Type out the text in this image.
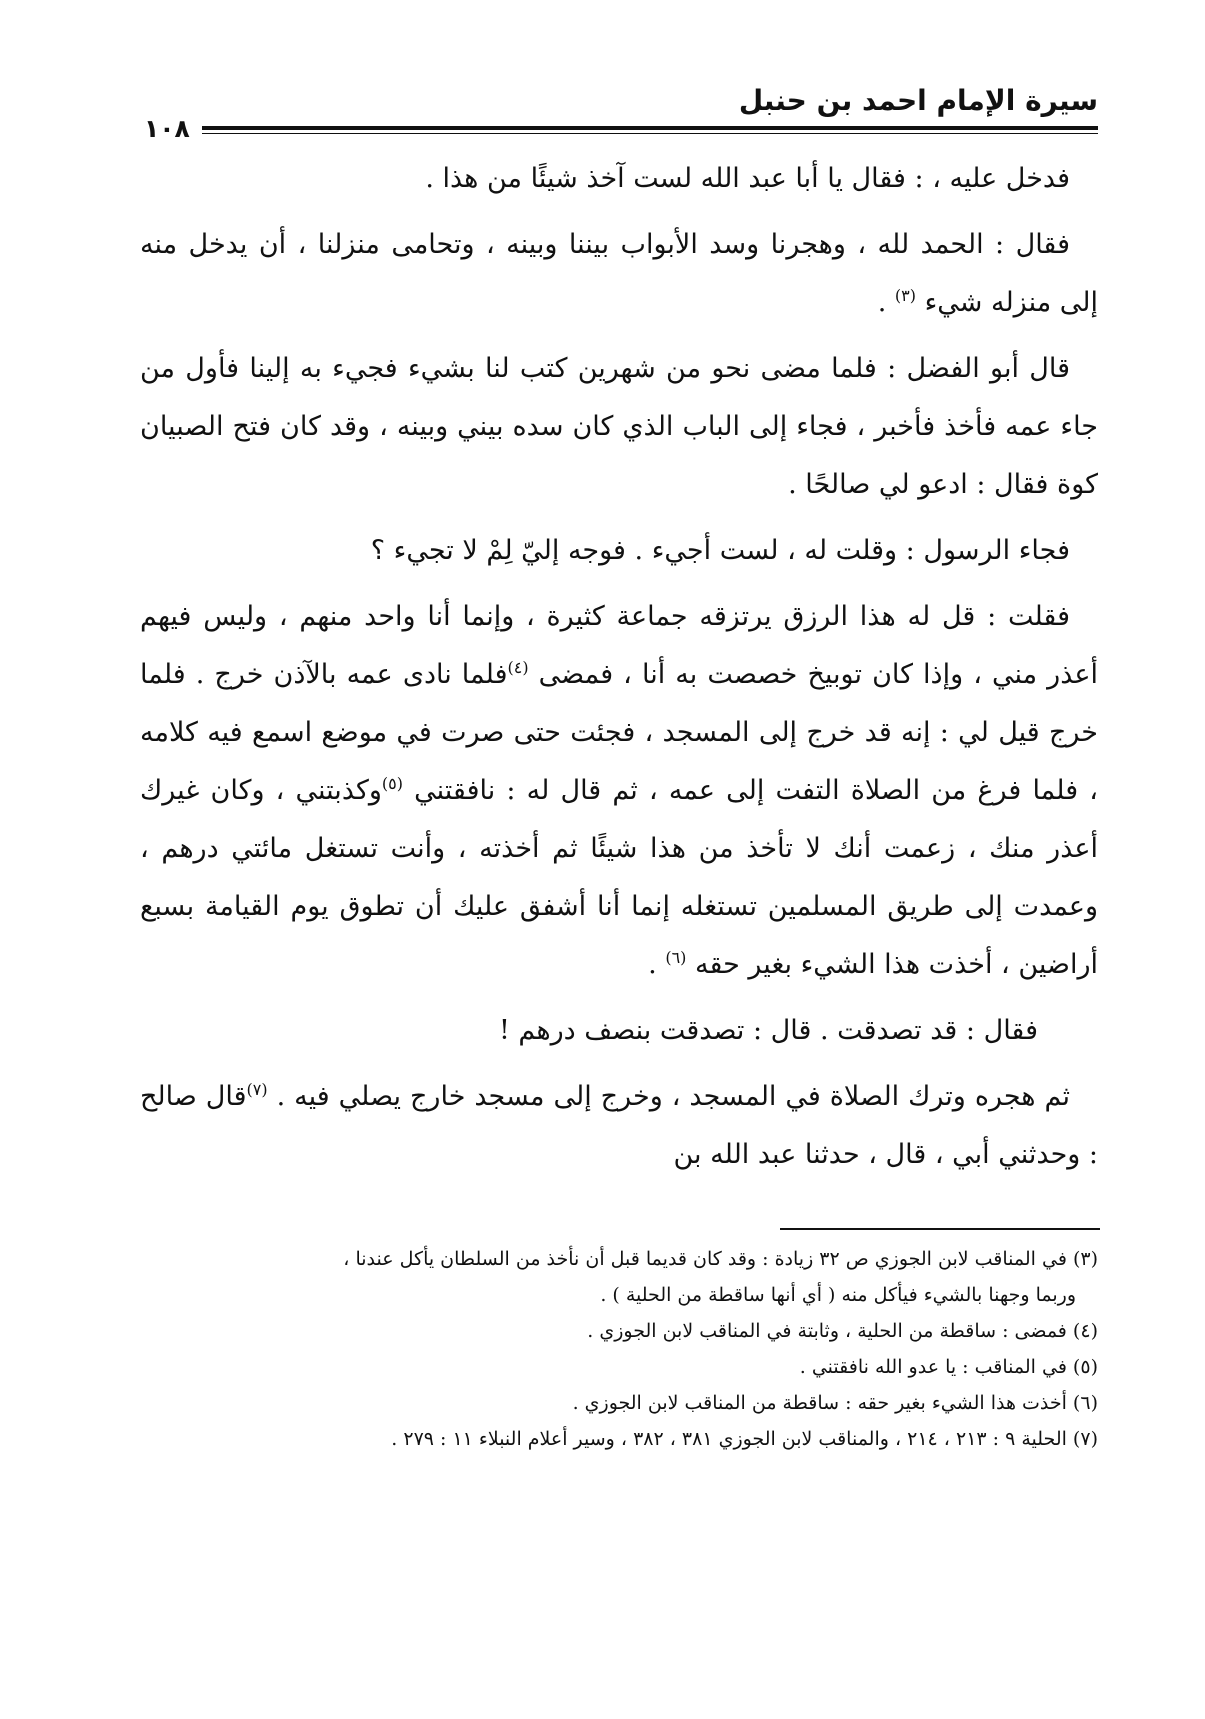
سيرة الإمام احمد بن حنبل
١٠٨

فدخل عليه ، : فقال يا أبا عبد الله لست آخذ شيئًا من هذا .

فقال : الحمد لله ، وهجرنا وسد الأبواب بيننا وبينه ، وتحامى منزلنا ، أن يدخل منه إلى منزله شيء $^{(٣)}$ .

قال أبو الفضل : فلما مضى نحو من شهرين كتب لنا بشيء فجيء به إلينا فأول من جاء عمه فأخذ فأخبر ، فجاء إلى الباب الذي كان سده بيني وبينه ، وقد كان فتح الصبيان كوة فقال : ادعو لي صالحًا .

فجاء الرسول : وقلت له ، لست أجيء . فوجه إليّ لِمْ لا تجيء ؟

فقلت : قل له هذا الرزق يرتزقه جماعة كثيرة ، وإنما أنا واحد منهم ، وليس فيهم أعذر مني ، وإذا كان توبيخ خصصت به أنا ، فمضى $^{(٤)}$فلما نادى عمه بالآذن خرج . فلما خرج قيل لي : إنه قد خرج إلى المسجد ، فجئت حتى صرت في موضع اسمع فيه كلامه ، فلما فرغ من الصلاة التفت إلى عمه ، ثم قال له : نافقتني $^{(٥)}$وكذبتني ، وكان غيرك أعذر منك ، زعمت أنك لا تأخذ من هذا شيئًا ثم أخذته ، وأنت تستغل مائتي درهم ، وعمدت إلى طريق المسلمين تستغله إنما أنا أشفق عليك أن تطوق يوم القيامة بسبع أراضين ، أخذت هذا الشيء بغير حقه $^{(٦)}$ .

فقال : قد تصدقت . قال : تصدقت بنصف درهم !

ثم هجره وترك الصلاة في المسجد ، وخرج إلى مسجد خارج يصلي فيه . $^{(٧)}$قال صالح : وحدثني أبي ، قال ، حدثنا عبد الله بن

(٣) في المناقب لابن الجوزي ص ٣٢ زيادة : وقد كان قديما قبل أن نأخذ من السلطان يأكل عندنا ،

وربما وجهنا بالشيء فيأكل منه ( أي أنها ساقطة من الحلية ) .

(٤) فمضى : ساقطة من الحلية ، وثابتة في المناقب لابن الجوزي .

(٥) في المناقب : يا عدو الله نافقتني .

(٦) أخذت هذا الشيء بغير حقه : ساقطة من المناقب لابن الجوزي .

(٧) الحلية ٩ : ٢١٣ ، ٢١٤ ، والمناقب لابن الجوزي ٣٨١ ، ٣٨٢ ، وسير أعلام النبلاء ١١ : ٢٧٩ .
